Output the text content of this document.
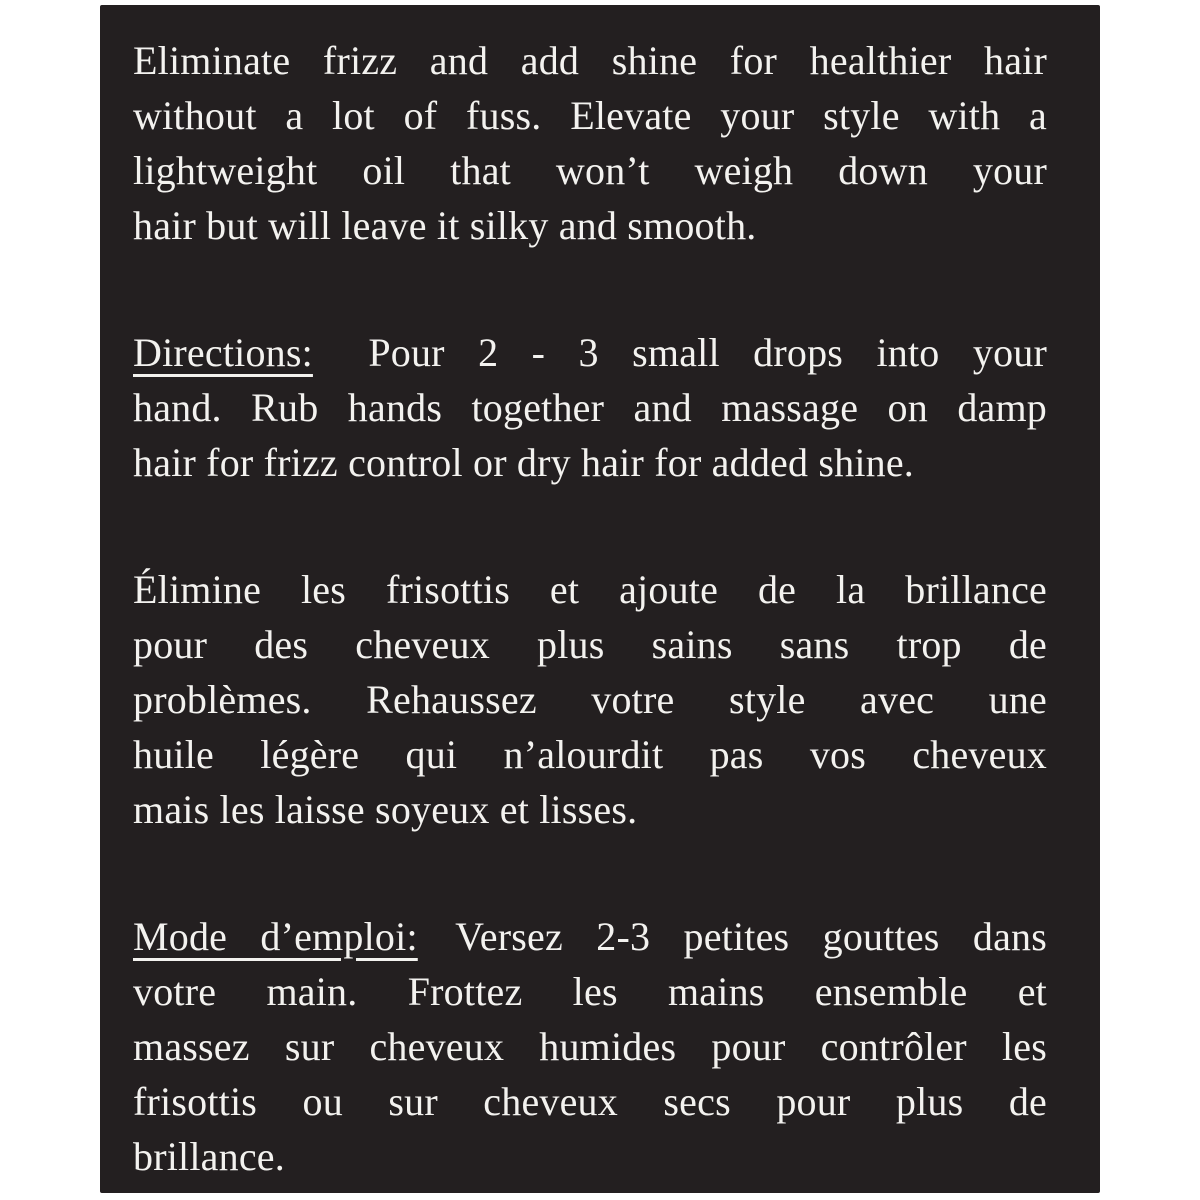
Eliminate frizz and add shine for healthier hair
without a lot of fuss. Elevate your style with a
lightweight oil that won’t weigh down your
hair but will leave it silky and smooth.
Directions: Pour 2 - 3 small drops into your
hand. Rub hands together and massage on damp
hair for frizz control or dry hair for added shine.
Élimine les frisottis et ajoute de la brillance
pour des cheveux plus sains sans trop de
problèmes. Rehaussez votre style avec une
huile légère qui n’alourdit pas vos cheveux
mais les laisse soyeux et lisses.
Mode d’emploi: Versez 2-3 petites gouttes dans
votre main. Frottez les mains ensemble et
massez sur cheveux humides pour contrôler les
frisottis ou sur cheveux secs pour plus de
brillance.
